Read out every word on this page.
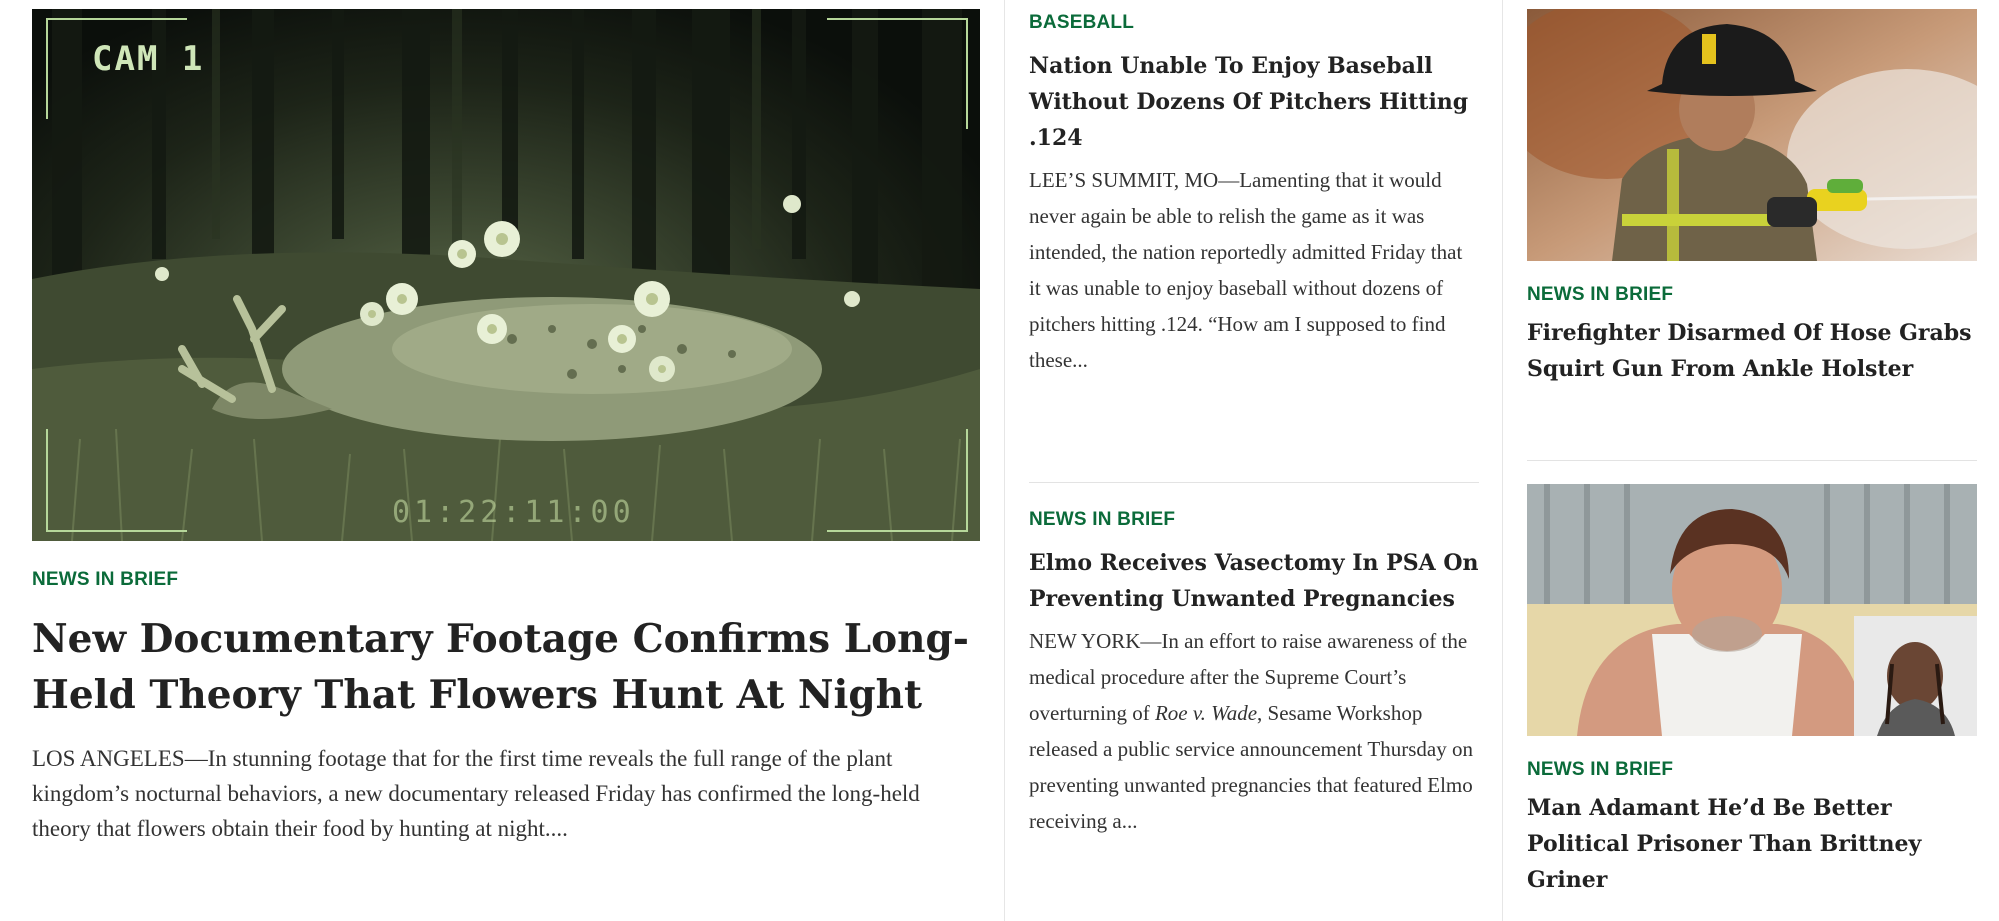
CAM 1
01:22:11:00
NEWS IN BRIEF
New Documentary Footage Confirms Long-Held Theory That Flowers Hunt At Night

LOS ANGELES—In stunning footage that for the first time reveals the full range of the plant kingdom’s nocturnal behaviors, a new documentary released Friday has confirmed the long-held theory that flowers obtain their food by hunting at night....

BASEBALL
Nation Unable To Enjoy Baseball Without Dozens Of Pitchers Hitting .124

LEE’S SUMMIT, MO—Lamenting that it would never again be able to relish the game as it was intended, the nation reportedly admitted Friday that it was unable to enjoy baseball without dozens of pitchers hitting .124. “How am I supposed to find these...

NEWS IN BRIEF
Elmo Receives Vasectomy In PSA On Preventing Unwanted Pregnancies

NEW YORK—In an effort to raise awareness of the medical procedure after the Supreme Court’s overturning of Roe v. Wade, Sesame Workshop released a public service announcement Thursday on preventing unwanted pregnancies that featured Elmo receiving a...

NEWS IN BRIEF
Firefighter Disarmed Of Hose Grabs Squirt Gun From Ankle Holster
NEWS IN BRIEF
Man Adamant He’d Be Better Political Prisoner Than Brittney Griner
